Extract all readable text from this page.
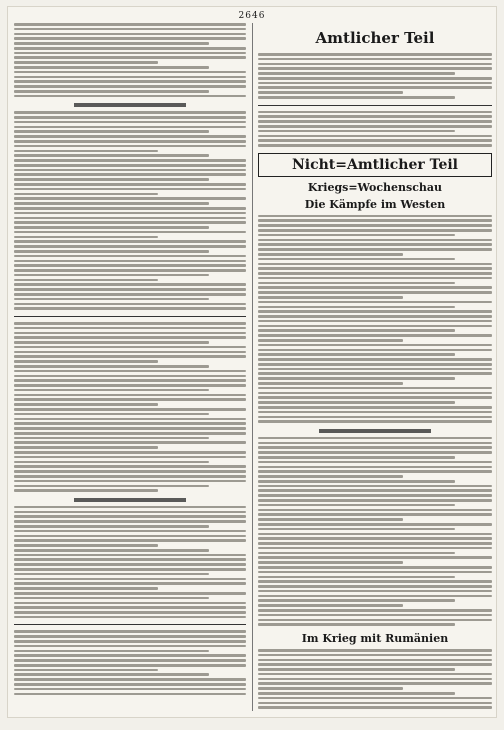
2646
Amtlicher Teil
Nicht=Amtlicher Teil
Kriegs=Wochenschau
Die Kämpfe im Westen
Im Krieg mit Rumänien
